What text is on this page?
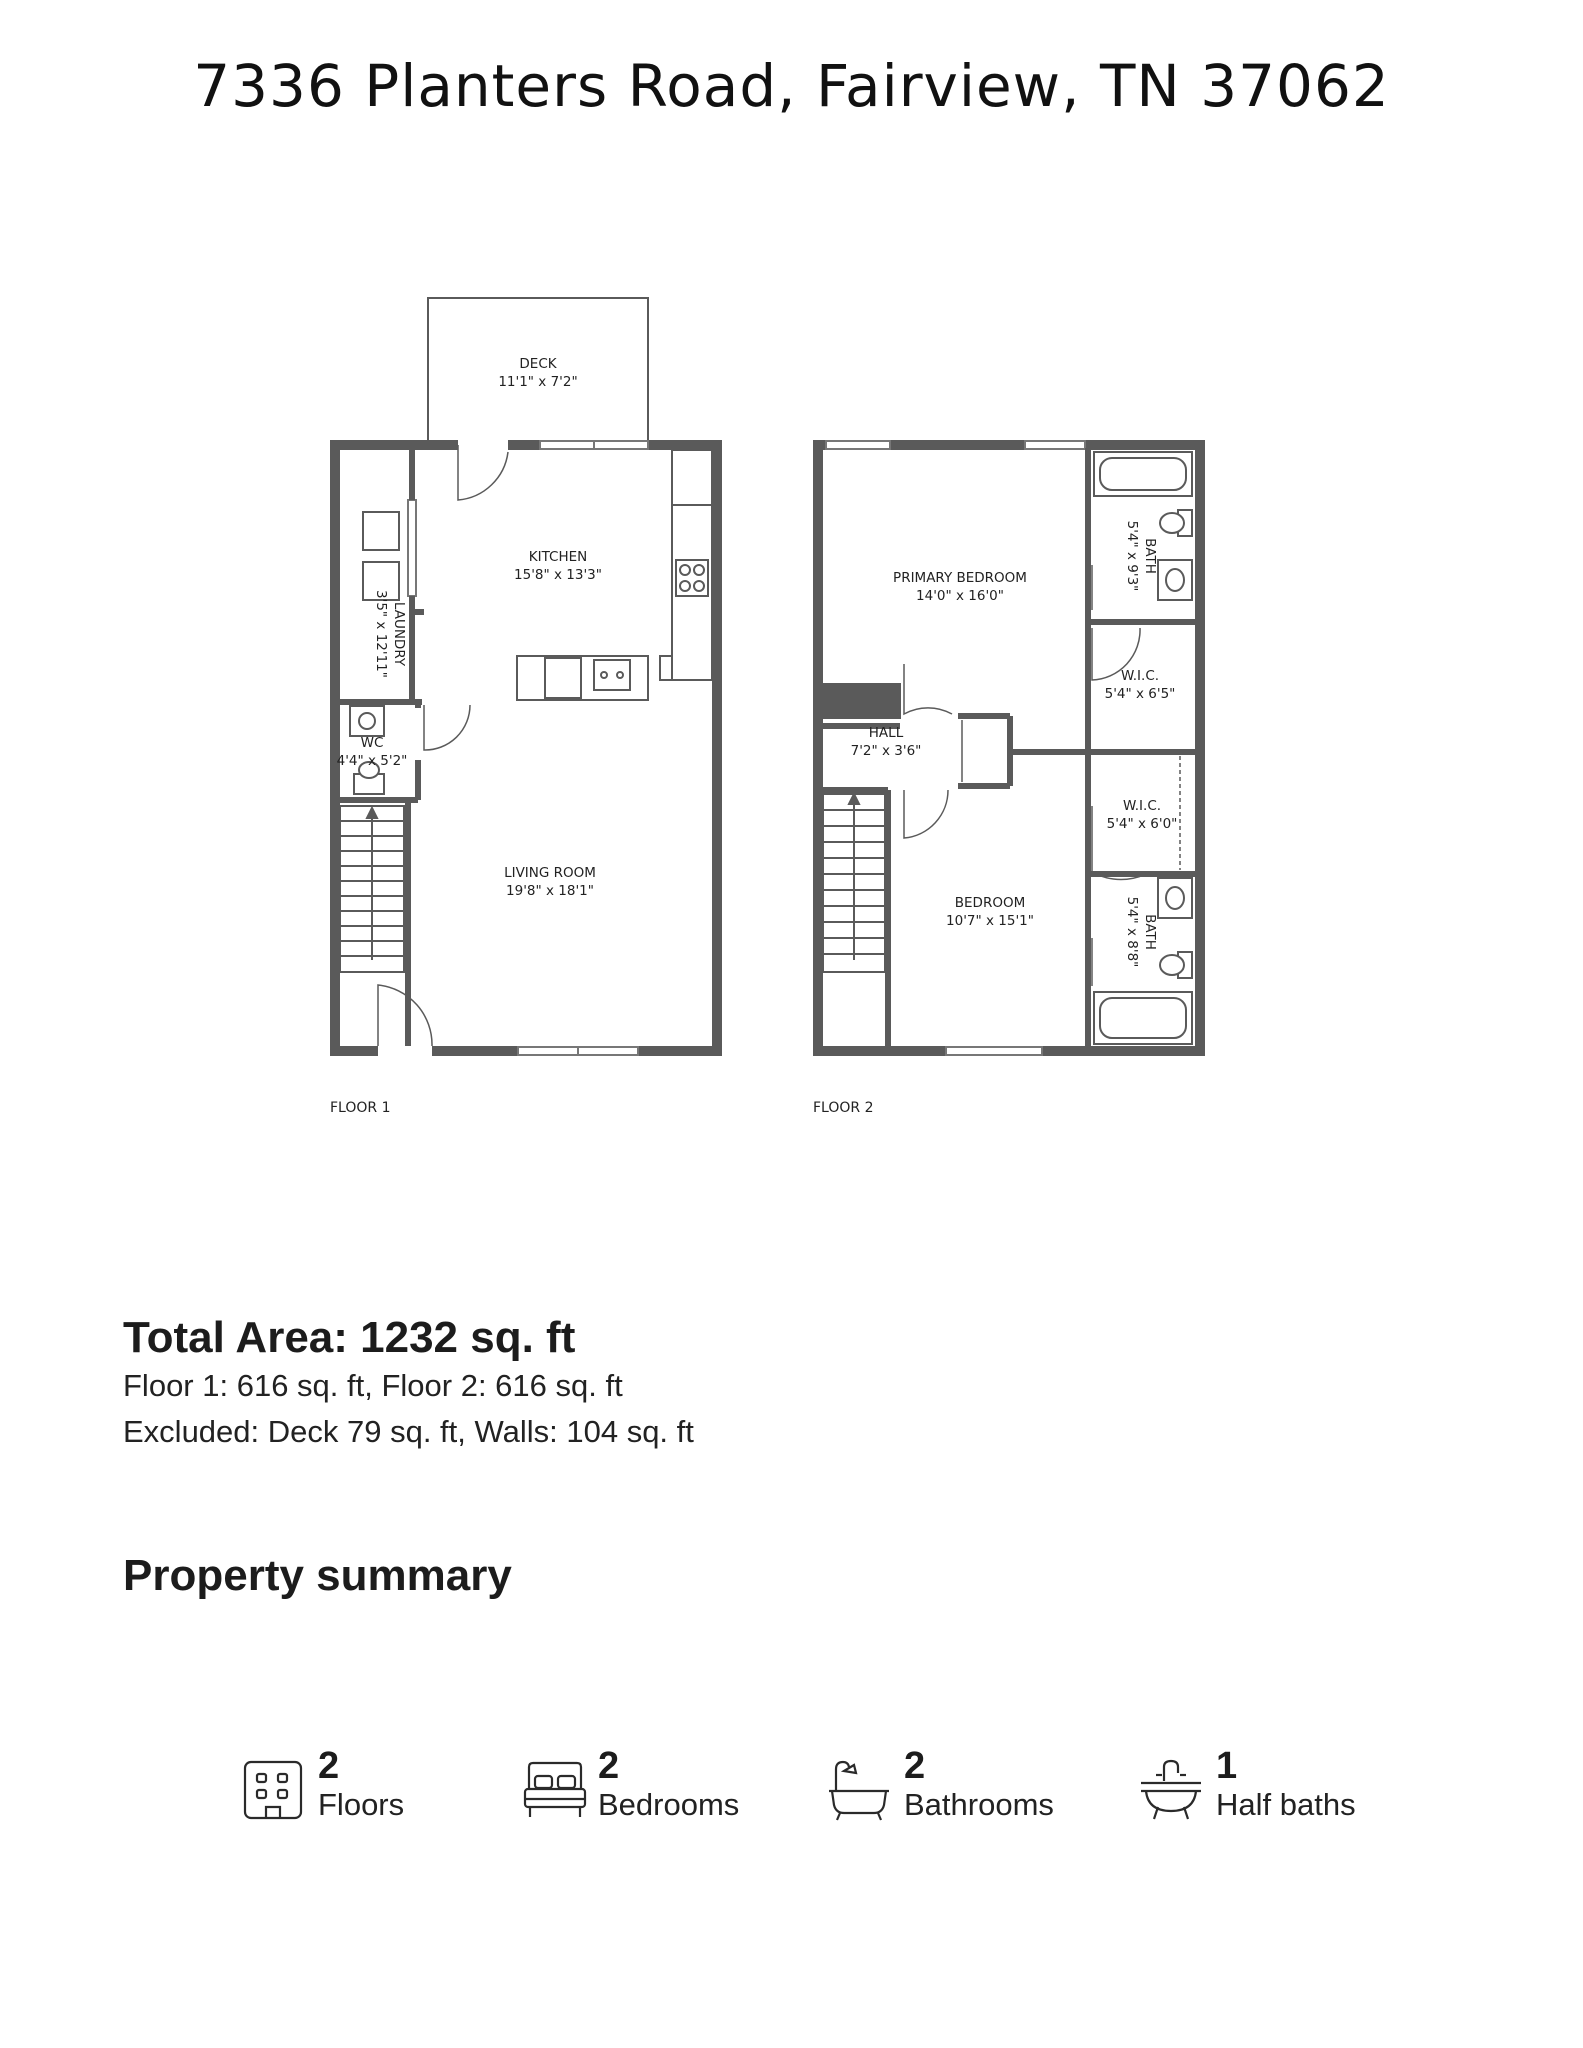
7336 Planters Road, Fairview, TN 37062
DECK
11'1" x 7'2"
KITCHEN
15'8" x 13'3"
LAUNDRY
3'5" x 12'11"
WC
4'4" x 5'2"
LIVING ROOM
19'8" x 18'1"
PRIMARY BEDROOM
14'0" x 16'0"
BATH
5'4" x 9'3"
W.I.C.
5'4" x 6'5"
HALL
7'2" x 3'6"
W.I.C.
5'4" x 6'0"
BEDROOM
10'7" x 15'1"	BATH
5'4" x 8'8"
FLOOR 1	FLOOR 2

Total Area: 1232 sq. ft

Floor 1: 616 sq. ft, Floor 2: 616 sq. ft

Excluded: Deck 79 sq. ft, Walls: 104 sq. ft

Property summary
2
Floors
2
Bedrooms
2
Bathrooms
1
Half baths
